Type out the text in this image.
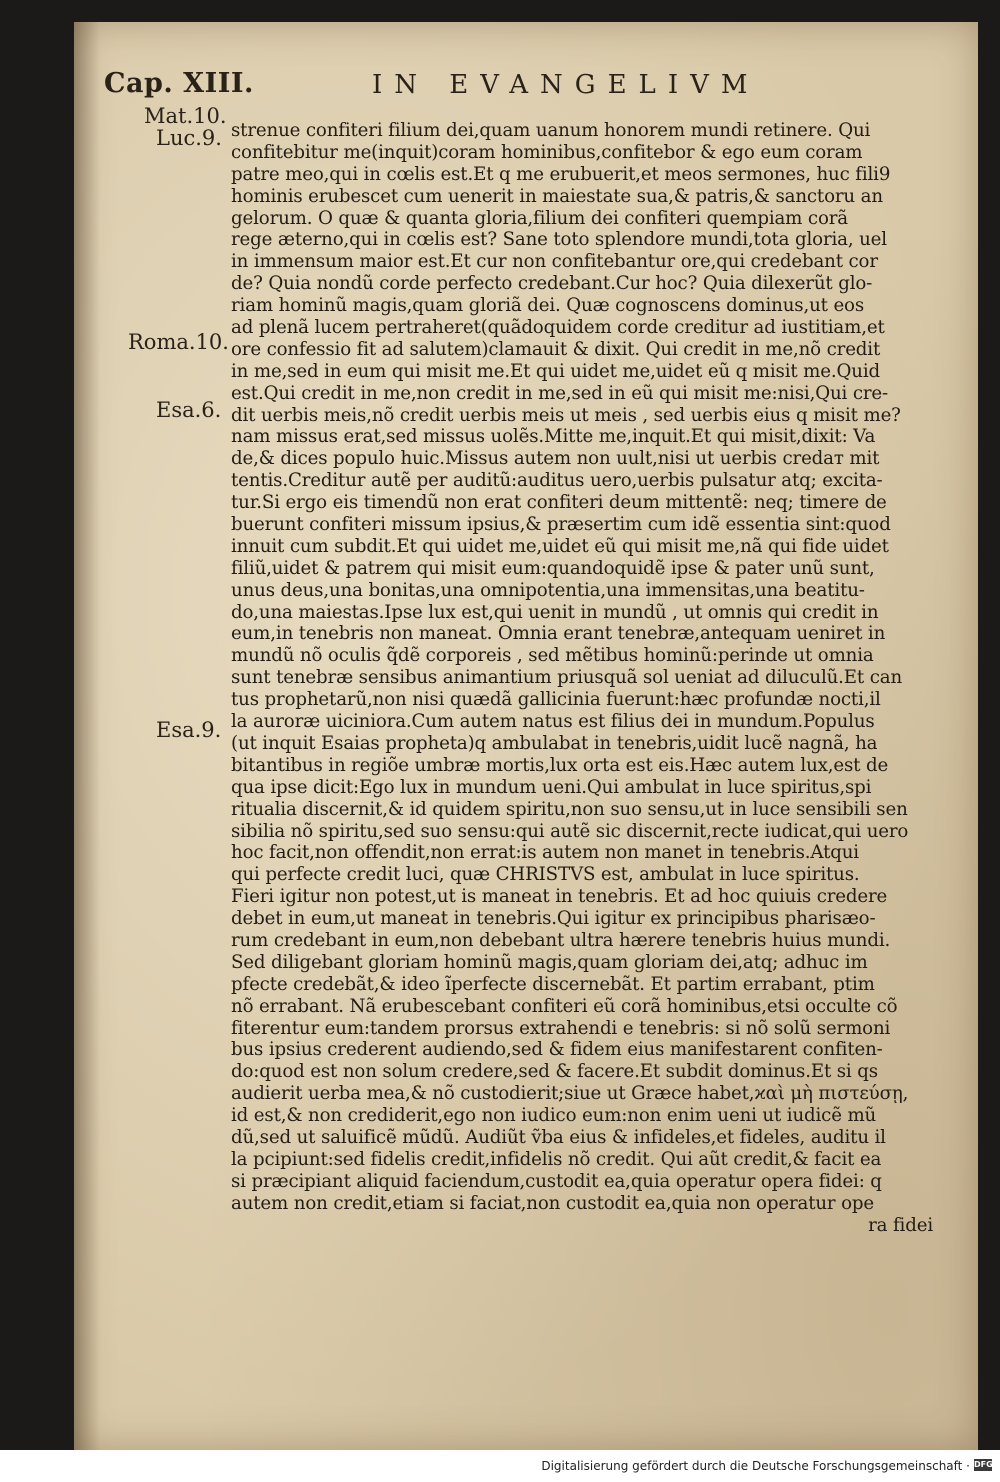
Cap. XIII.	IN EVANGELIVM
Mat.10.
Luc.9.
Roma.10.
Esa.6.
Esa.9.
strenue confiteri filium dei,quam uanum honorem mundi retinere. Qui
confitebitur me(inquit)coram hominibus,confitebor & ego eum coram
patre meo,qui in cœlis est.Et q me erubuerit,et meos sermones, huc fili9
hominis erubescet cum uenerit in maiestate sua,& patris,& sanctoru an
gelorum. O quæ & quanta gloria,filium dei confiteri quempiam corã
rege æterno,qui in cœlis est? Sane toto splendore mundi,tota gloria, uel
in immensum maior est.Et cur non confitebantur ore,qui credebant cor
de? Quia nondũ corde perfecto credebant.Cur hoc? Quia dilexerũt glo-
riam hominũ magis,quam gloriã dei. Quæ cognoscens dominus,ut eos
ad plenã lucem pertraheret(quãdoquidem corde creditur ad iustitiam,et
ore confessio fit ad salutem)clamauit & dixit. Qui credit in me,nõ credit
in me,sed in eum qui misit me.Et qui uidet me,uidet eũ q misit me.Quid
est.Qui credit in me,non credit in me,sed in eũ qui misit me:nisi,Qui cre-
dit uerbis meis,nõ credit uerbis meis ut meis , sed uerbis eius q misit me?
nam missus erat,sed missus uolẽs.Mitte me,inquit.Et qui misit,dixit: Va
de,& dices populo huic.Missus autem non uult,nisi ut uerbis credaт mit
tentis.Creditur autẽ per auditũ:auditus uero,uerbis pulsatur atq; excita-
tur.Si ergo eis timendũ non erat confiteri deum mittentẽ: neq; timere de
buerunt confiteri missum ipsius,& præsertim cum idẽ essentia sint:quod
innuit cum subdit.Et qui uidet me,uidet eũ qui misit me,nã qui fide uidet
filiũ,uidet & patrem qui misit eum:quandoquidẽ ipse & pater unũ sunt,
unus deus,una bonitas,una omnipotentia,una immensitas,una beatitu-
do,una maiestas.Ipse lux est,qui uenit in mundũ , ut omnis qui credit in
eum,in tenebris non maneat. Omnia erant tenebræ,antequam ueniret in
mundũ nõ oculis q̃dẽ corporeis , sed mẽtibus hominũ:perinde ut omnia
sunt tenebræ sensibus animantium priusquã sol ueniat ad diluculũ.Et can
tus prophetarũ,non nisi quædã gallicinia fuerunt:hæc profundæ nocti,il
la auroræ uiciniora.Cum autem natus est filius dei in mundum.Populus
(ut inquit Esaias propheta)q ambulabat in tenebris,uidit lucẽ nagnã, ha
bitantibus in regiõe umbræ mortis,lux orta est eis.Hæc autem lux,est de
qua ipse dicit:Ego lux in mundum ueni.Qui ambulat in luce spiritus,spi
ritualia discernit,& id quidem spiritu,non suo sensu,ut in luce sensibili sen
sibilia nõ spiritu,sed suo sensu:qui autẽ sic discernit,recte iudicat,qui uero
hoc facit,non offendit,non errat:is autem non manet in tenebris.Atqui
qui perfecte credit luci, quæ CHRISTVS est, ambulat in luce spiritus.
Fieri igitur non potest,ut is maneat in tenebris. Et ad hoc quiuis credere
debet in eum,ut maneat in tenebris.Qui igitur ex principibus pharisæo-
rum credebant in eum,non debebant ultra hærere tenebris huius mundi.
Sed diligebant gloriam hominũ magis,quam gloriam dei,atq; adhuc im
pfecte credebãt,& ideo ĩperfecte discernebãt. Et partim errabant, ptim
nõ errabant. Nã erubescebant confiteri eũ corã hominibus,etsi occulte cõ
fiterentur eum:tandem prorsus extrahendi e tenebris: si nõ solũ sermoni
bus ipsius crederent audiendo,sed & fidem eius manifestarent confiten-
do:quod est non solum credere,sed & facere.Et subdit dominus.Et si qs
audierit uerba mea,& nõ custodierit;siue ut Græce habet,ϰαὶ μὴ πιστεύσῃ,
id est,& non crediderit,ego non iudico eum:non enim ueni ut iudicẽ mũ
dũ,sed ut saluificẽ mũdũ. Audiũt ṽba eius & infideles,et fideles, auditu il
la pcipiunt:sed fidelis credit,infidelis nõ credit. Qui aũt credit,& facit ea
si præcipiant aliquid faciendum,custodit ea,quia operatur opera fidei: q
autem non credit,etiam si faciat,non custodit ea,quia non operatur ope
ra fidei
Digitalisierung gefördert durch die Deutsche Forschungsgemeinschaft · DFG
